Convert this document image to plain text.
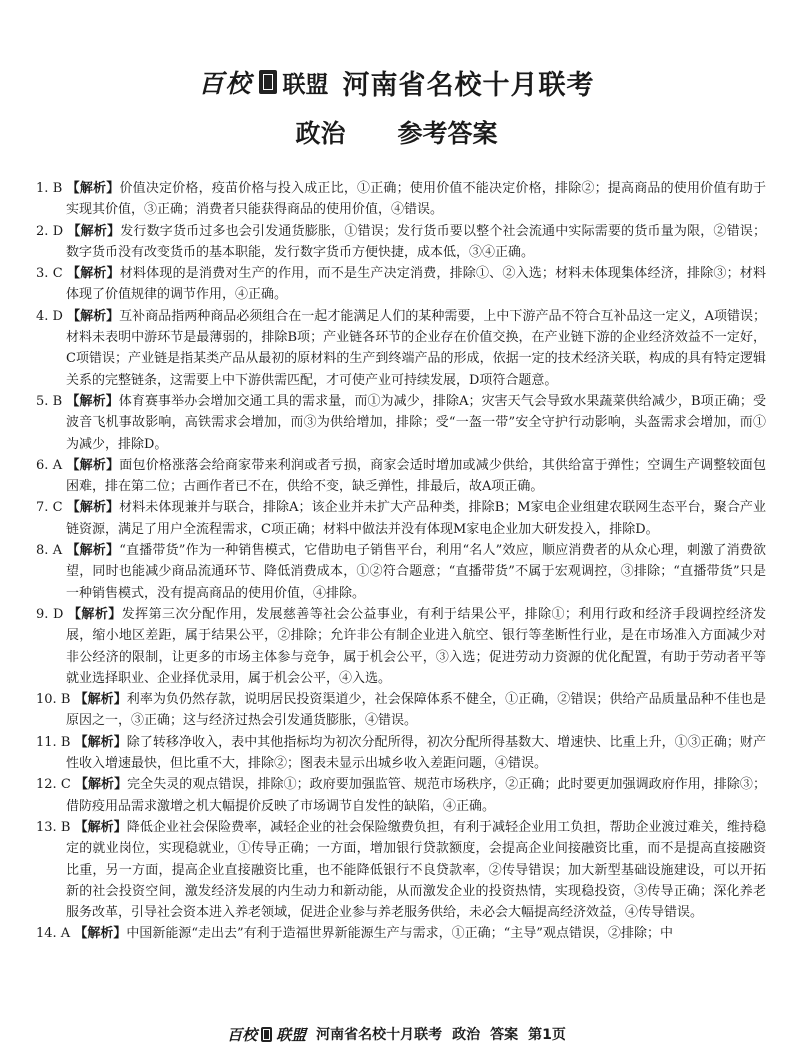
百校 联盟 河南省名校十月联考
政治 参考答案

1. B 【解析】价值决定价格，疫苗价格与投入成正比，①正确；使用价值不能决定价格，排除②；提高商品的使用价值有助于实现其价值，③正确；消费者只能获得商品的使用价值，④错误。

2. D 【解析】发行数字货币过多也会引发通货膨胀，①错误；发行货币要以整个社会流通中实际需要的货币量为限，②错误；数字货币没有改变货币的基本职能，发行数字货币方便快捷，成本低，③④正确。

3. C 【解析】材料体现的是消费对生产的作用，而不是生产决定消费，排除①、②入选；材料未体现集体经济，排除③；材料体现了价值规律的调节作用，④正确。

4. D 【解析】互补商品指两种商品必须组合在一起才能满足人们的某种需要，上中下游产品不符合互补品这一定义，A项错误；材料未表明中游环节是最薄弱的，排除B项；产业链各环节的企业存在价值交换，在产业链下游的企业经济效益不一定好，C项错误；产业链是指某类产品从最初的原材料的生产到终端产品的形成，依据一定的技术经济关联，构成的具有特定逻辑关系的完整链条，这需要上中下游供需匹配，才可使产业可持续发展，D项符合题意。

5. B 【解析】体育赛事举办会增加交通工具的需求量，而①为减少，排除A；灾害天气会导致水果蔬菜供给减少，B项正确；受波音飞机事故影响，高铁需求会增加，而③为供给增加，排除；受“一盔一带”安全守护行动影响，头盔需求会增加，而①为减少，排除D。

6. A 【解析】面包价格涨落会给商家带来利润或者亏损，商家会适时增加或减少供给，其供给富于弹性；空调生产调整较面包困难，排在第二位；古画作者已不在，供给不变，缺乏弹性，排最后，故A项正确。

7. C 【解析】材料未体现兼并与联合，排除A；该企业并未扩大产品种类，排除B；M家电企业组建农联网生态平台，聚合产业链资源，满足了用户全流程需求，C项正确；材料中做法并没有体现M家电企业加大研发投入，排除D。

8. A 【解析】“直播带货”作为一种销售模式，它借助电子销售平台，利用“名人”效应，顺应消费者的从众心理，刺激了消费欲望，同时也能减少商品流通环节、降低消费成本，①②符合题意；“直播带货”不属于宏观调控，③排除；“直播带货”只是一种销售模式，没有提高商品的使用价值，④排除。

9. D 【解析】发挥第三次分配作用，发展慈善等社会公益事业，有利于结果公平，排除①；利用行政和经济手段调控经济发展，缩小地区差距，属于结果公平，②排除；允许非公有制企业进入航空、银行等垄断性行业，是在市场准入方面减少对非公经济的限制，让更多的市场主体参与竞争，属于机会公平，③入选；促进劳动力资源的优化配置，有助于劳动者平等就业选择职业、企业择优录用，属于机会公平，④入选。

10. B 【解析】利率为负仍然存款，说明居民投资渠道少，社会保障体系不健全，①正确，②错误；供给产品质量品种不佳也是原因之一，③正确；这与经济过热会引发通货膨胀，④错误。

11. B 【解析】除了转移净收入，表中其他指标均为初次分配所得，初次分配所得基数大、增速快、比重上升，①③正确；财产性收入增速最快，但比重不大，排除②；图表未显示出城乡收入差距问题，④错误。

12. C 【解析】完全失灵的观点错误，排除①；政府要加强监管、规范市场秩序，②正确；此时要更加强调政府作用，排除③；借防疫用品需求激增之机大幅提价反映了市场调节自发性的缺陷，④正确。

13. B 【解析】降低企业社会保险费率，减轻企业的社会保险缴费负担，有利于减轻企业用工负担，帮助企业渡过难关，维持稳定的就业岗位，实现稳就业，①传导正确；一方面，增加银行贷款额度，会提高企业间接融资比重，而不是提高直接融资比重，另一方面，提高企业直接融资比重，也不能降低银行不良贷款率，②传导错误；加大新型基础设施建设，可以开拓新的社会投资空间，激发经济发展的内生动力和新动能，从而激发企业的投资热情，实现稳投资，③传导正确；深化养老服务改革，引导社会资本进入养老领域，促进企业参与养老服务供给，未必会大幅提高经济效益，④传导错误。

14. A 【解析】中国新能源“走出去”有利于造福世界新能源生产与需求，①正确；“主导”观点错误，②排除；中

百校 联盟 河南省名校十月联考 政治 答案 第1页
